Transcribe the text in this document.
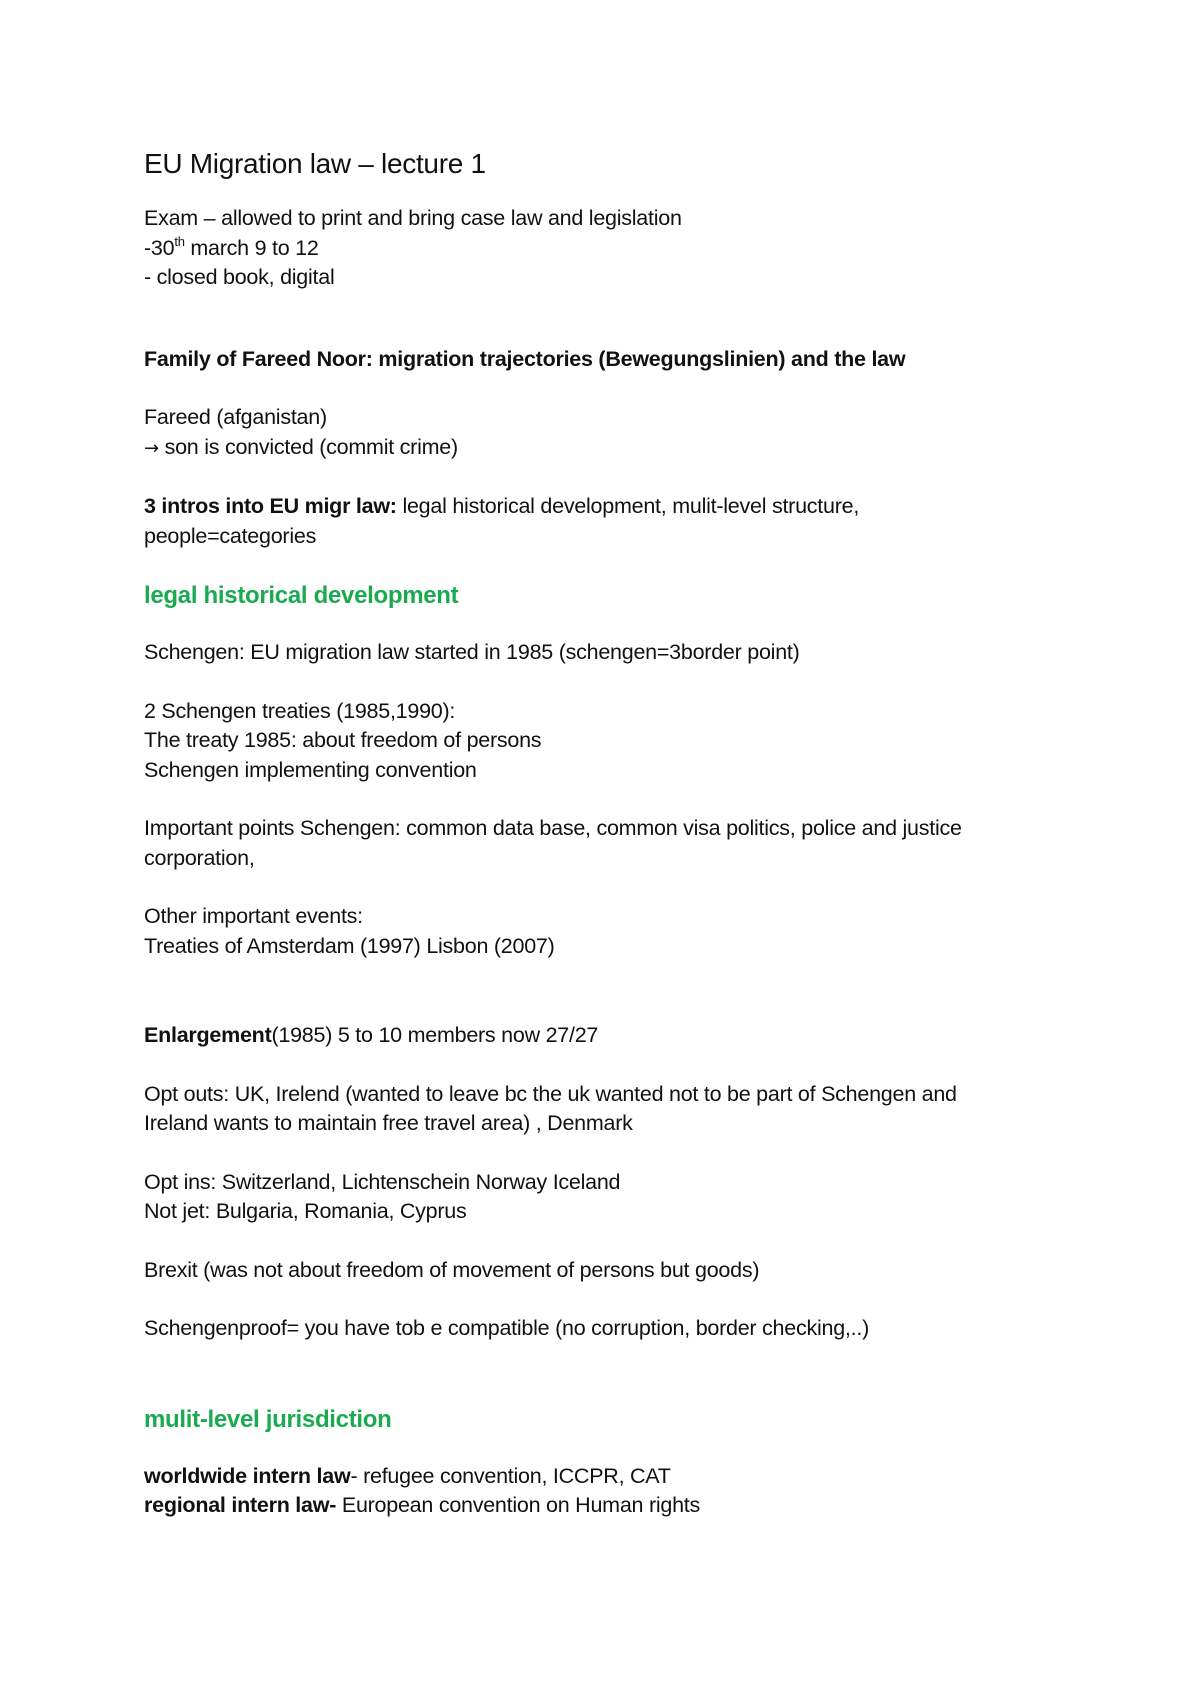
EU Migration law – lecture 1
Exam – allowed to print and bring case law and legislation
-30th march 9 to 12
- closed book, digital
Family of Fareed Noor: migration trajectories (Bewegungslinien) and the law
Fareed (afganistan)
→ son is convicted (commit crime)
3 intros into EU migr law: legal historical development, mulit-level structure,
people=categories
legal historical development
Schengen: EU migration law started in 1985 (schengen=3border point)
2 Schengen treaties (1985,1990):
The treaty 1985: about freedom of persons
Schengen implementing convention
Important points Schengen: common data base, common visa politics, police and justice
corporation,
Other important events:
Treaties of Amsterdam (1997) Lisbon (2007)
Enlargement(1985) 5 to 10 members now 27/27
Opt outs: UK, Irelend (wanted to leave bc the uk wanted not to be part of Schengen and
Ireland wants to maintain free travel area) , Denmark
Opt ins: Switzerland, Lichtenschein Norway Iceland
Not jet: Bulgaria, Romania, Cyprus
Brexit (was not about freedom of movement of persons but goods)
Schengenproof= you have tob e compatible (no corruption, border checking,..)
mulit-level jurisdiction
worldwide intern law- refugee convention, ICCPR, CAT
regional intern law- European convention on Human rights
